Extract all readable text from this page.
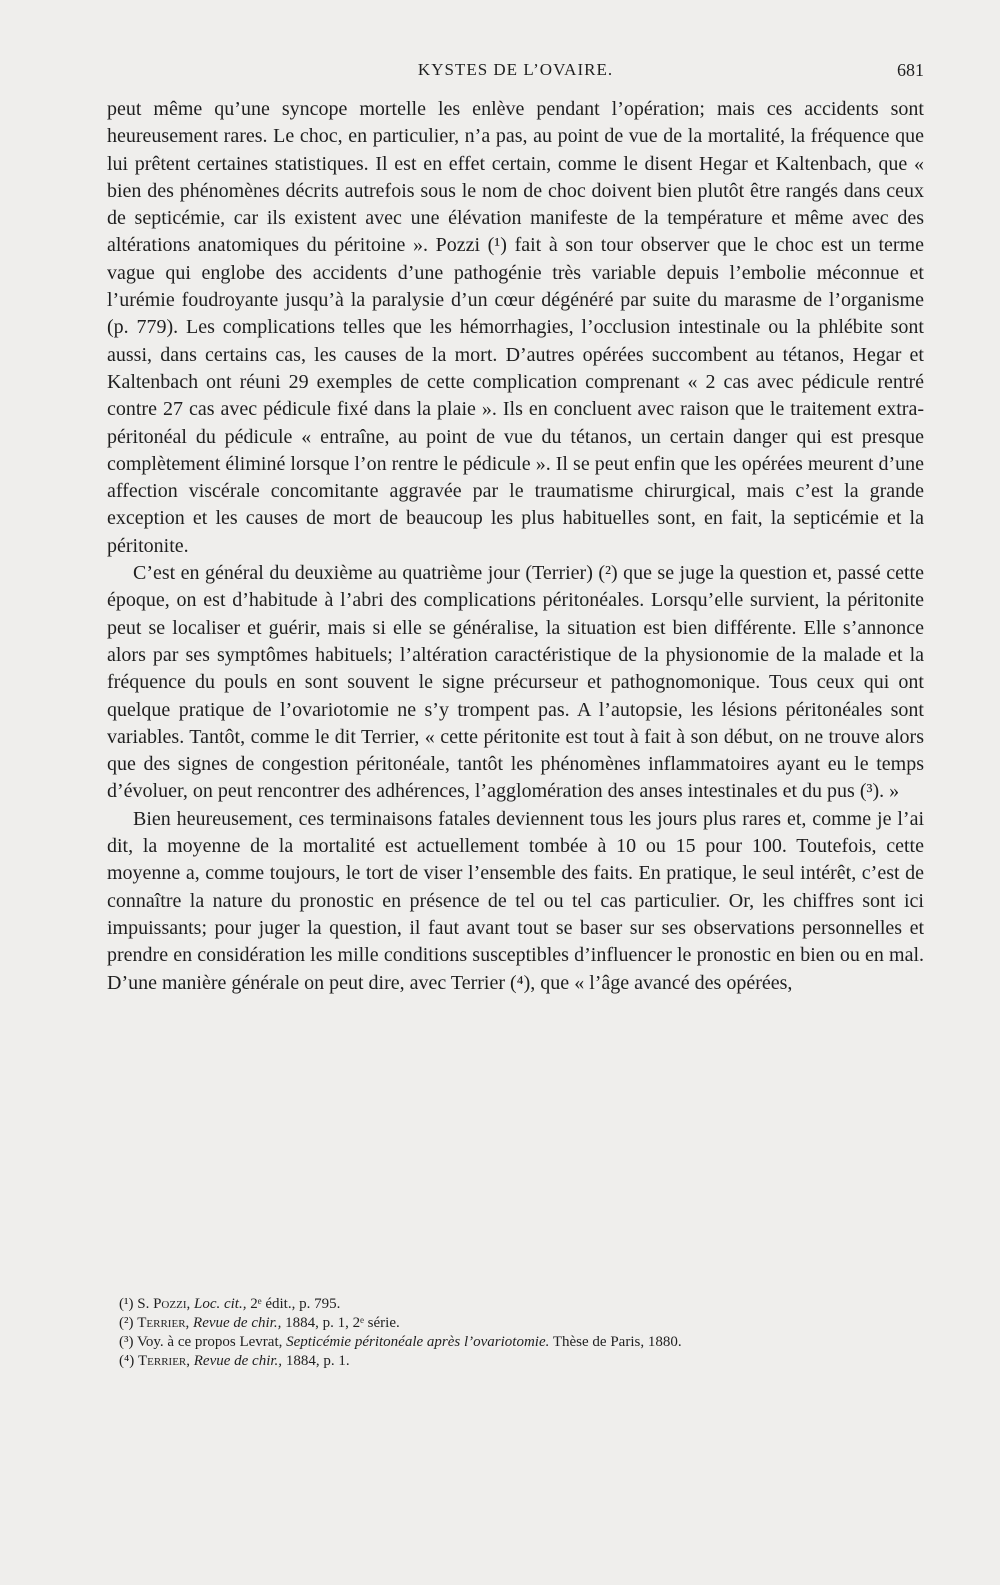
KYSTES DE L’OVAIRE.	681

peut même qu’une syncope mortelle les enlève pendant l’opération; mais ces accidents sont heureusement rares. Le choc, en particulier, n’a pas, au point de vue de la mortalité, la fréquence que lui prêtent certaines statistiques. Il est en effet certain, comme le disent Hegar et Kaltenbach, que « bien des phénomènes décrits autrefois sous le nom de choc doivent bien plutôt être rangés dans ceux de septicémie, car ils existent avec une élévation manifeste de la température et même avec des altérations anatomiques du péritoine ». Pozzi (¹) fait à son tour observer que le choc est un terme vague qui englobe des accidents d’une pathogénie très variable depuis l’embolie méconnue et l’urémie foudroyante jusqu’à la paralysie d’un cœur dégénéré par suite du marasme de l’organisme (p. 779). Les complications telles que les hémorrhagies, l’occlusion intestinale ou la phlébite sont aussi, dans certains cas, les causes de la mort. D’autres opérées succombent au tétanos, Hegar et Kaltenbach ont réuni 29 exemples de cette complication comprenant « 2 cas avec pédicule rentré contre 27 cas avec pédicule fixé dans la plaie ». Ils en concluent avec raison que le traitement extra-péritonéal du pédicule « entraîne, au point de vue du tétanos, un certain danger qui est presque complètement éliminé lorsque l’on rentre le pédicule ». Il se peut enfin que les opérées meurent d’une affection viscérale concomitante aggravée par le traumatisme chirurgical, mais c’est la grande exception et les causes de mort de beaucoup les plus habituelles sont, en fait, la septicémie et la péritonite.

C’est en général du deuxième au quatrième jour (Terrier) (²) que se juge la question et, passé cette époque, on est d’habitude à l’abri des complications péritonéales. Lorsqu’elle survient, la péritonite peut se localiser et guérir, mais si elle se généralise, la situation est bien différente. Elle s’annonce alors par ses symptômes habituels; l’altération caractéristique de la physionomie de la malade et la fréquence du pouls en sont souvent le signe précurseur et pathognomonique. Tous ceux qui ont quelque pratique de l’ovariotomie ne s’y trompent pas. A l’autopsie, les lésions péritonéales sont variables. Tantôt, comme le dit Terrier, « cette péritonite est tout à fait à son début, on ne trouve alors que des signes de congestion péritonéale, tantôt les phénomènes inflammatoires ayant eu le temps d’évoluer, on peut rencontrer des adhérences, l’agglomération des anses intestinales et du pus (³). »

Bien heureusement, ces terminaisons fatales deviennent tous les jours plus rares et, comme je l’ai dit, la moyenne de la mortalité est actuellement tombée à 10 ou 15 pour 100. Toutefois, cette moyenne a, comme toujours, le tort de viser l’ensemble des faits. En pratique, le seul intérêt, c’est de connaître la nature du pronostic en présence de tel ou tel cas particulier. Or, les chiffres sont ici impuissants; pour juger la question, il faut avant tout se baser sur ses observations personnelles et prendre en considération les mille conditions susceptibles d’influencer le pronostic en bien ou en mal. D’une manière générale on peut dire, avec Terrier (⁴), que « l’âge avancé des opérées,

(¹) S. Pozzi, Loc. cit., 2ᵉ édit., p. 795.

(²) Terrier, Revue de chir., 1884, p. 1, 2ᵉ série.

(³) Voy. à ce propos Levrat, Septicémie péritonéale après l’ovariotomie. Thèse de Paris, 1880.

(⁴) Terrier, Revue de chir., 1884, p. 1.
